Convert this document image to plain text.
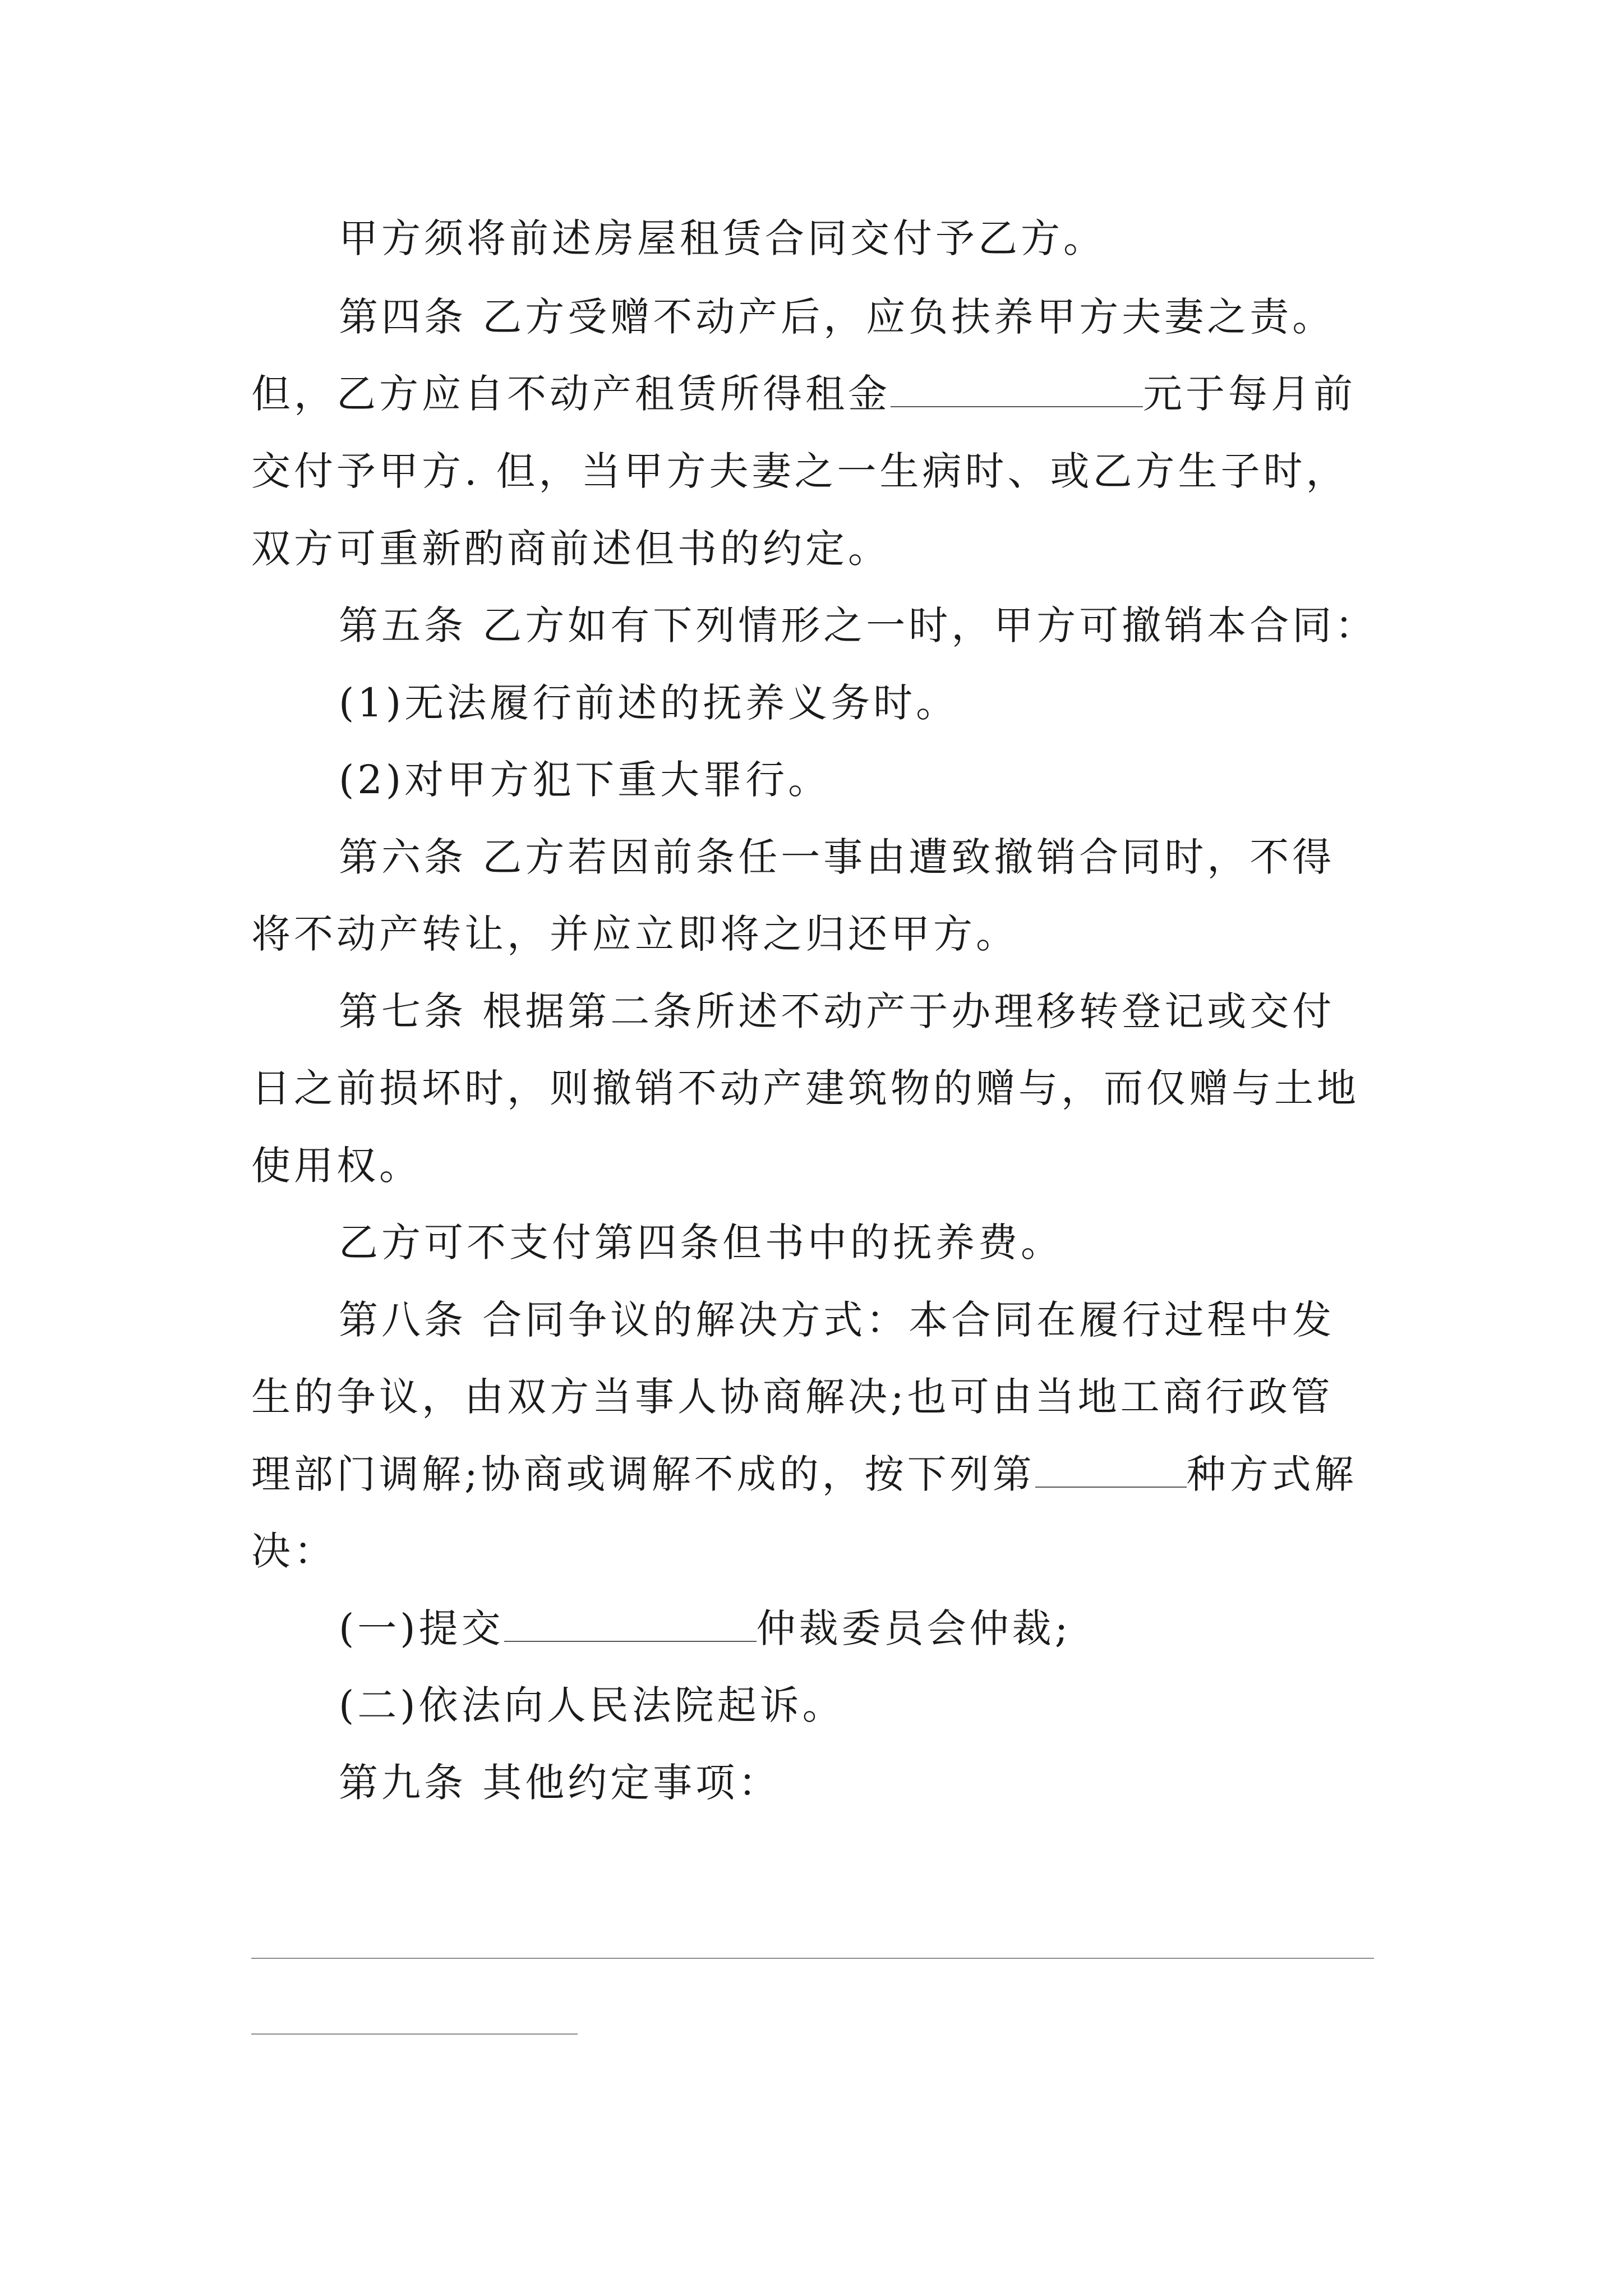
甲方须将前述房屋租赁合同交付予乙方。
第四条 乙方受赠不动产后，应负扶养甲方夫妻之责。
但，乙方应自不动产租赁所得租金	元于每月前
交付予甲方. 但，当甲方夫妻之一生病时、或乙方生子时，
双方可重新酌商前述但书的约定。
第五条 乙方如有下列情形之一时，甲方可撤销本合同：
(1)无法履行前述的抚养义务时。
(2)对甲方犯下重大罪行。
第六条 乙方若因前条任一事由遭致撤销合同时，不得
将不动产转让，并应立即将之归还甲方。
第七条 根据第二条所述不动产于办理移转登记或交付
日之前损坏时，则撤销不动产建筑物的赠与，而仅赠与土地
使用权。
乙方可不支付第四条但书中的抚养费。
第八条 合同争议的解决方式：本合同在履行过程中发
生的争议，由双方当事人协商解决;也可由当地工商行政管
理部门调解;协商或调解不成的，按下列第	种方式解
决：
(一)提交	仲裁委员会仲裁;
(二)依法向人民法院起诉。
第九条 其他约定事项：
